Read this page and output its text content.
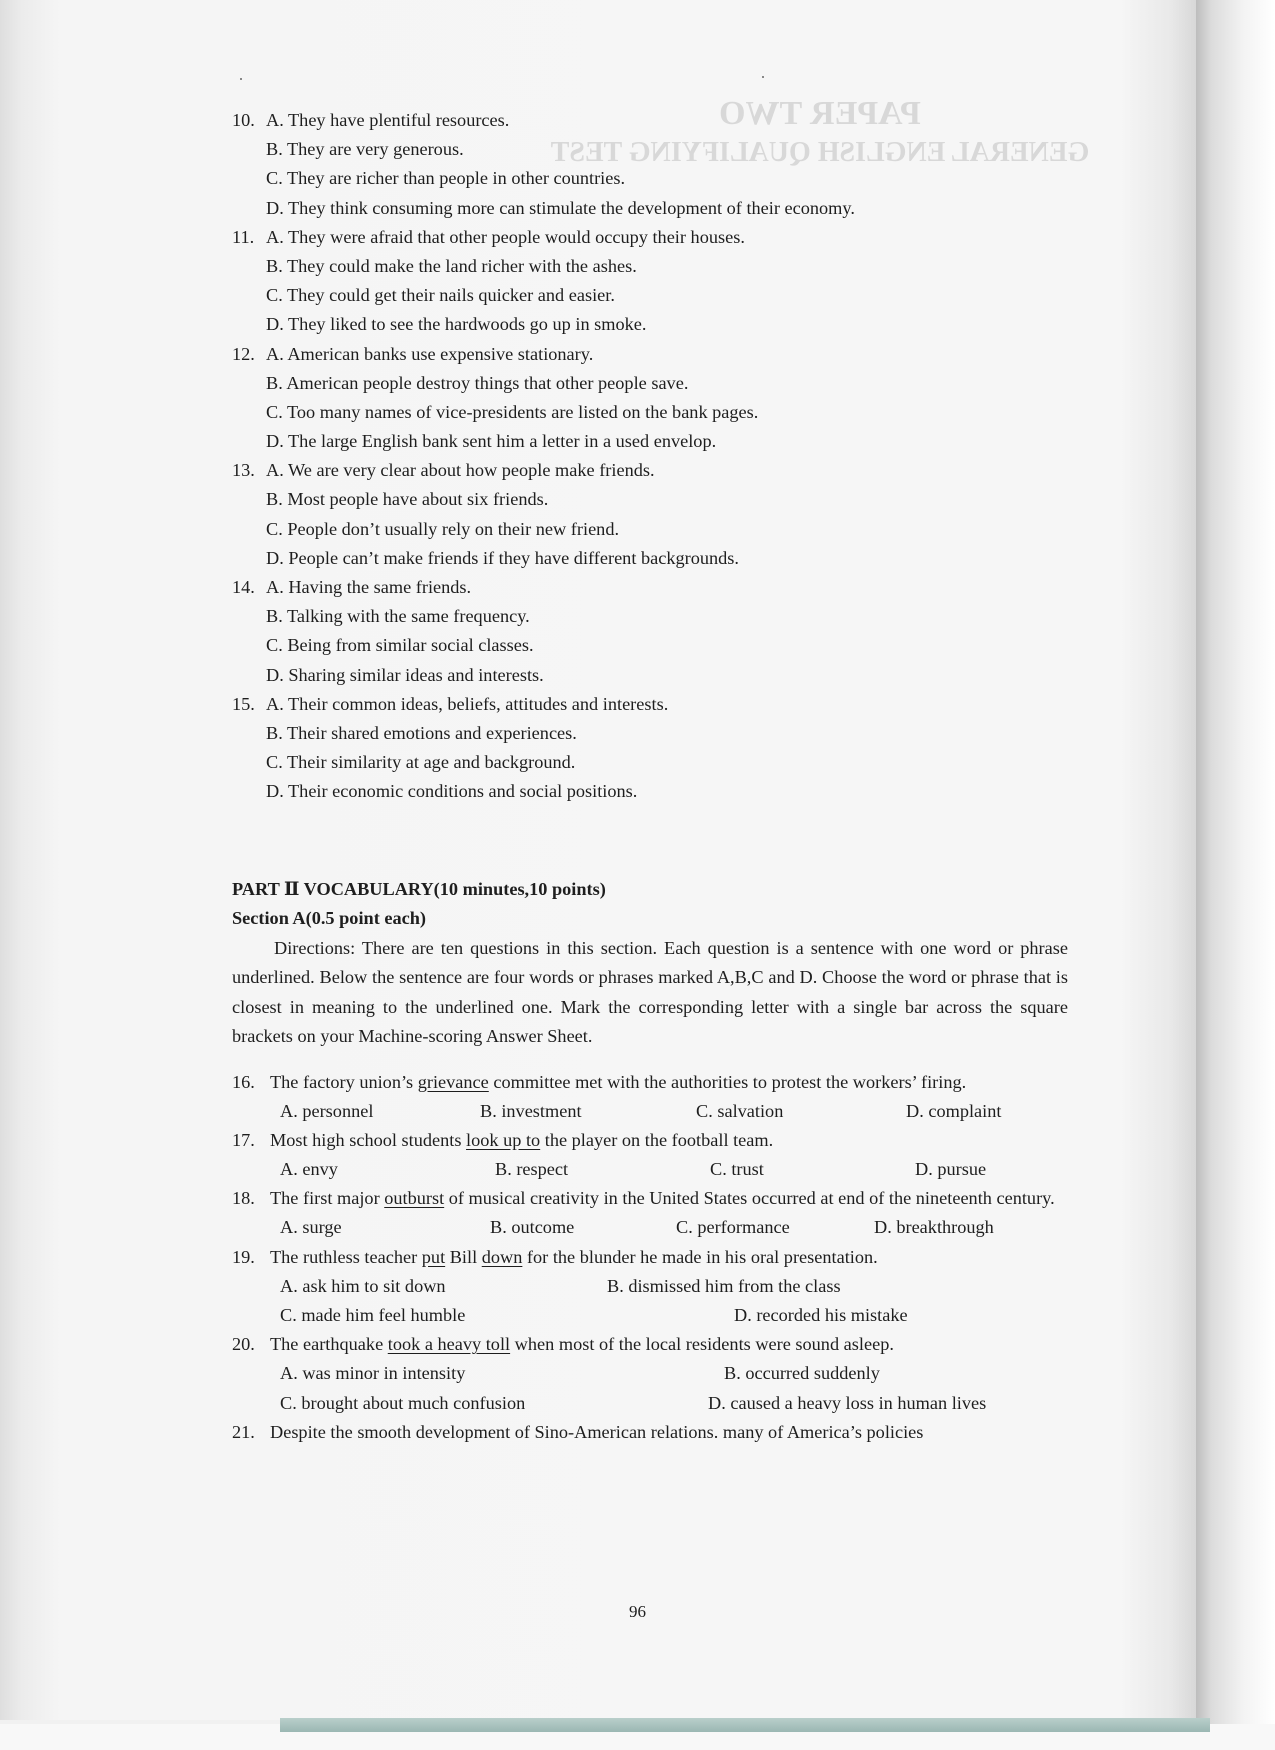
10. A. They have plentiful resources.
B. They are very generous.
C. They are richer than people in other countries.
D. They think consuming more can stimulate the development of their economy.
11. A. They were afraid that other people would occupy their houses.
B. They could make the land richer with the ashes.
C. They could get their nails quicker and easier.
D. They liked to see the hardwoods go up in smoke.
12. A. American banks use expensive stationary.
B. American people destroy things that other people save.
C. Too many names of vice-presidents are listed on the bank pages.
D. The large English bank sent him a letter in a used envelop.
13. A. We are very clear about how people make friends.
B. Most people have about six friends.
C. People don’t usually rely on their new friend.
D. People can’t make friends if they have different backgrounds.
14. A. Having the same friends.
B. Talking with the same frequency.
C. Being from similar social classes.
D. Sharing similar ideas and interests.
15. A. Their common ideas, beliefs, attitudes and interests.
B. Their shared emotions and experiences.
C. Their similarity at age and background.
D. Their economic conditions and social positions.
PART Ⅱ VOCABULARY(10 minutes,10 points)
Section A(0.5 point each)
Directions: There are ten questions in this section. Each question is a sentence with one word or phrase underlined. Below the sentence are four words or phrases marked A,B,C and D. Choose the word or phrase that is closest in meaning to the underlined one. Mark the corresponding letter with a single bar across the square brackets on your Machine-scoring Answer Sheet.
16. The factory union’s grievance committee met with the authorities to protest the workers’ firing.
A. personnel	B. investment	C. salvation	D. complaint
17. Most high school students look up to the player on the football team.
A. envy	B. respect	C. trust	D. pursue
18. The first major outburst of musical creativity in the United States occurred at end of the nineteenth century.
A. surge	B. outcome	C. performance	D. breakthrough
19. The ruthless teacher put Bill down for the blunder he made in his oral presentation.
A. ask him to sit down	B. dismissed him from the class
C. made him feel humble	D. recorded his mistake
20. The earthquake took a heavy toll when most of the local residents were sound asleep.
A. was minor in intensity	B. occurred suddenly
C. brought about much confusion	D. caused a heavy loss in human lives
21. Despite the smooth development of Sino-American relations. many of America’s policies
96
